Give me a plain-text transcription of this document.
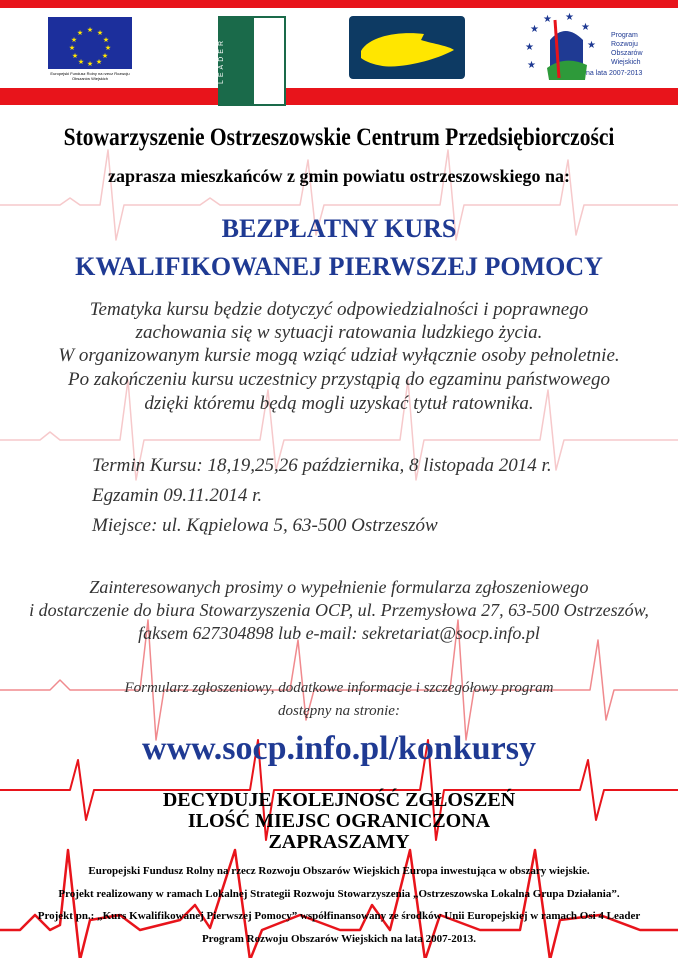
★ ★
★
★
★
★
★
★
★
★
★
★
Europejski Fundusz Rolny na rzecz Rozwoju Obszarów Wiejskich	LEADER	★
★
★ ★
★
★
★
Program
Rozwoju
Obszarów
Wiejskich
na lata 2007-2013
Stowarzyszenie Ostrzeszowskie Centrum Przedsiębiorczości
zaprasza mieszkańców z gmin powiatu ostrzeszowskiego na:
BEZPŁATNY KURS
KWALIFIKOWANEJ PIERWSZEJ POMOCY
Tematyka kursu będzie dotyczyć odpowiedzialności i poprawnego
zachowania się w sytuacji ratowania ludzkiego życia.
W organizowanym kursie mogą wziąć udział wyłącznie osoby pełnoletnie.
Po zakończeniu kursu uczestnicy przystąpią do egzaminu państwowego
dzięki któremu będą mogli uzyskać tytuł ratownika.
Termin Kursu: 18,19,25,26 października, 8 listopada 2014 r.
Egzamin 09.11.2014 r.
Miejsce: ul. Kąpielowa 5, 63-500 Ostrzeszów
Zainteresowanych prosimy o wypełnienie formularza zgłoszeniowego
i dostarczenie do biura Stowarzyszenia OCP, ul. Przemysłowa 27, 63-500 Ostrzeszów,
faksem 627304898 lub e-mail: sekretariat@socp.info.pl
Formularz zgłoszeniowy, dodatkowe informacje i szczegółowy program
dostępny na stronie:
www.socp.info.pl/konkursy
DECYDUJE KOLEJNOŚĆ ZGŁOSZEŃ
ILOŚĆ MIEJSC OGRANICZONA
ZAPRASZAMY
Europejski Fundusz Rolny na rzecz Rozwoju Obszarów Wiejskich Europa inwestująca w obszary wiejskie.
Projekt realizowany w ramach Lokalnej Strategii Rozwoju Stowarzyszenia „Ostrzeszowska Lokalna Grupa Działania”.
Projekt pn.: „Kurs Kwalifikowanej Pierwszej Pomocy” współfinansowany ze środków Unii Europejskiej w ramach Osi 4 Leader
Program Rozwoju Obszarów Wiejskich na lata 2007-2013.
